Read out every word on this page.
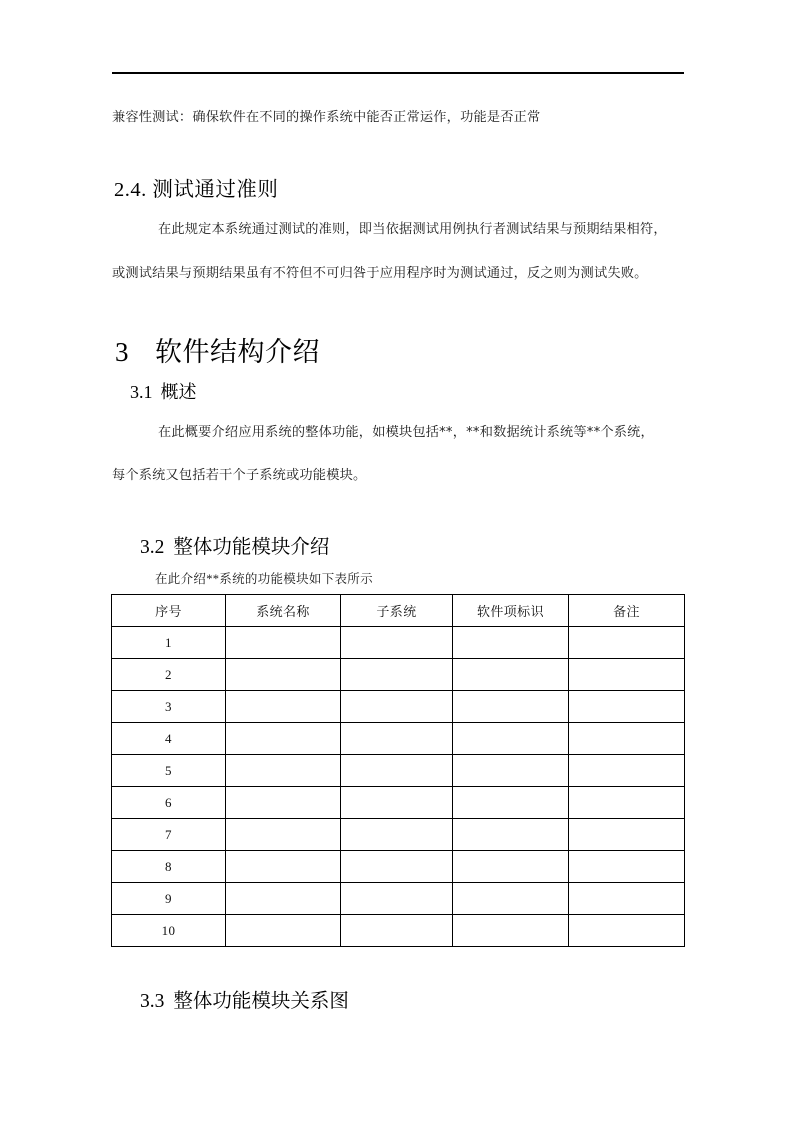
兼容性测试：确保软件在不同的操作系统中能否正常运作，功能是否正常
2.4. 测试通过准则
在此规定本系统通过测试的准则，即当依据测试用例执行者测试结果与预期结果相符，
或测试结果与预期结果虽有不符但不可归咎于应用程序时为测试通过，反之则为测试失败。
3 软件结构介绍
3.1 概述
在此概要介绍应用系统的整体功能，如模块包括**，**和数据统计系统等**个系统，
每个系统又包括若干个子系统或功能模块。
3.2 整体功能模块介绍
在此介绍**系统的功能模块如下表所示
序号	系统名称	子系统	软件项标识	备注
1				
2				
3				
4				
5				
6				
7				
8				
9				
10				
3.3 整体功能模块关系图
